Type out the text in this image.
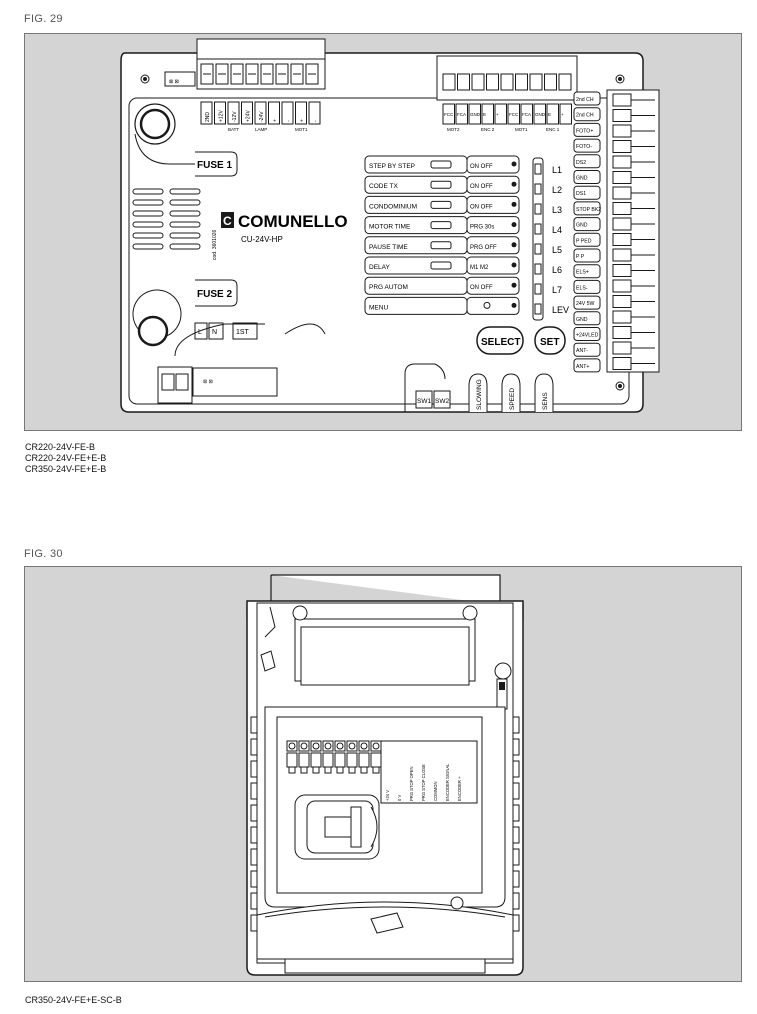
FIG. 29
⊠ ⊠
2ND +12V -12V +24V -24V + - + -
BATT	LAMP	MOT1
FCC FCA GND E + FCC FCA GND E +
MOT2	ENC 2	MOT1	ENC 1
FUSE 1
C COMUNELLO
CU-24V-HP
cod. 3601026
FUSE 2
L N	1ST
⊠ ⊠
STEP BY STEP	ON OFF
CODE TX	ON OFF
CONDOMINIUM	ON OFF
MOTOR TIME	PRG 30s
PAUSE TIME	PRG OFF
DELAY	M1 M2
PRG AUTOM	ON OFF
MENU
L1
L2
L3
L4
L5
L6
L7
LEV
SELECT SET
SW1 SW2	SLOWING	SPEED	SENS
2nd CH
2nd CH
FOTO+
FOTO-
DS2
GND
DS1
STOP BK2
GND
P PED
P P
ELS+
ELS-
24V 5W
GND
+24VLED
ANT-
ANT+
CR220-24V-FE-B
CR220-24V-FE+E-B
CR350-24V-FE+E-B
FIG. 30
+24 V 0 V PRG STOP OPEN PRG STOP CLOSE COMMON ENCODER SIGNAL ENCODER +
CR350-24V-FE+E-SC-B
